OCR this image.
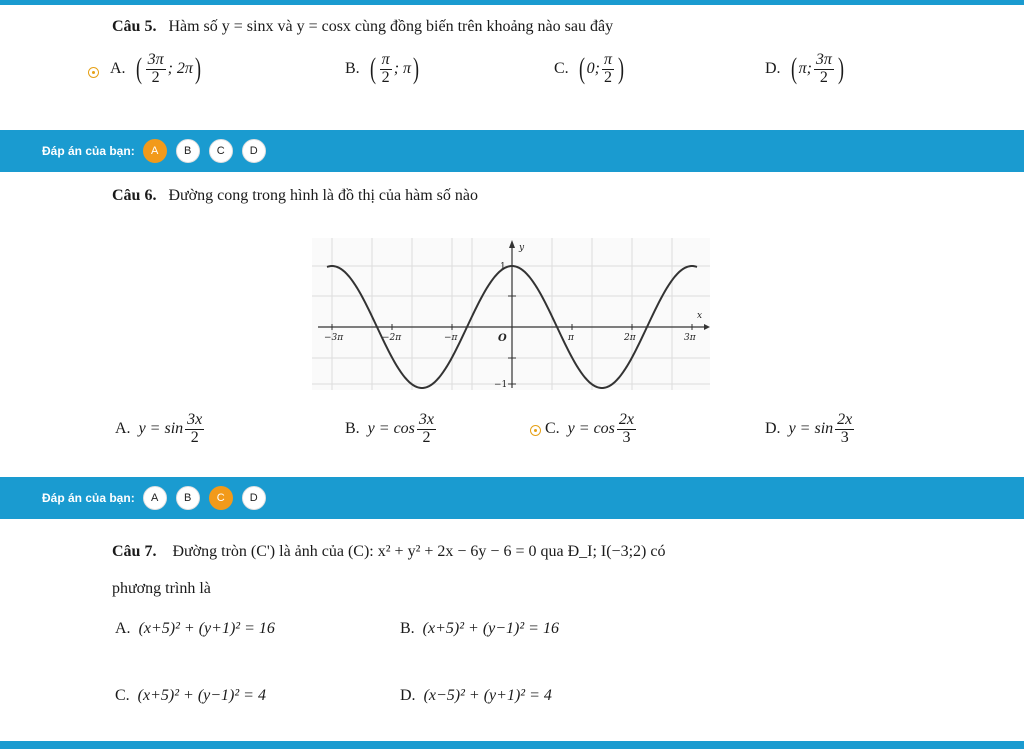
Câu 5. Hàm số y = sinx và y = cosx cùng đồng biến trên khoảng nào sau đây
A. ( $\frac{3\pi}{2}$ ; 2π )	B. ( $\frac{\pi}{2}$ ; π )	C. ( 0; $\frac{\pi}{2}$ )	D. ( π; $\frac{3\pi}{2}$ )
Đáp án của bạn:	A	B	C	D
Câu 6. Đường cong trong hình là đồ thị của hàm số nào
y
x
O
1
−1
−3π	−2π	−π	π	2π	3π
A. $y = \sin \frac{3x}{2}$	B. $y = \cos \frac{3x}{2}$	C. $y = \cos \frac{2x}{3}$	D. $y = \sin \frac{2x}{3}$
Đáp án của bạn:	A	B	C	D
Câu 7. Đường tròn (C') là ảnh của (C): x² + y² + 2x − 6y − 6 = 0 qua Đ_I; I(−3;2) có
phương trình là
A. (x+5)² + (y+1)² = 16	B. (x+5)² + (y−1)² = 16
C. (x+5)² + (y−1)² = 4	D. (x−5)² + (y+1)² = 4
